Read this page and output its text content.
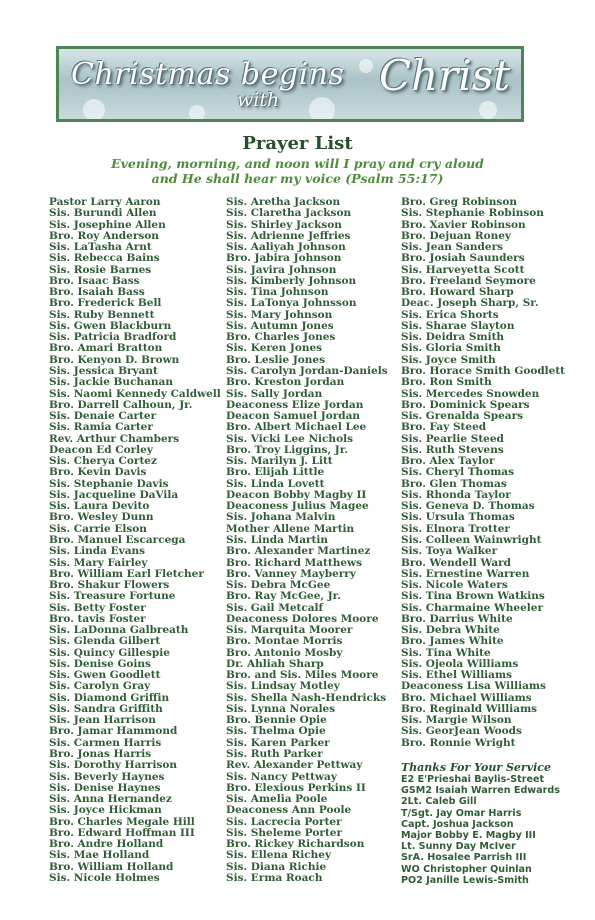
Christmas begins
with Christ
Prayer List
Evening, morning, and noon will I pray and cry aloud
and He shall hear my voice (Psalm 55:17)
Pastor Larry Aaron
Sis. Burundi Allen
Sis. Josephine Allen
Bro. Roy Anderson
Sis. LaTasha Arnt
Sis. Rebecca Bains
Sis. Rosie Barnes
Bro. Isaac Bass
Bro. Isaiah Bass
Bro. Frederick Bell
Sis. Ruby Bennett
Sis. Gwen Blackburn
Sis. Patricia Bradford
Bro. Amari Bratton
Bro. Kenyon D. Brown
Sis. Jessica Bryant
Sis. Jackie Buchanan
Sis. Naomi Kennedy Caldwell
Bro. Darrell Calhoun, Jr.
Sis. Denaie Carter
Sis. Ramia Carter
Rev. Arthur Chambers
Deacon Ed Corley
Sis. Cherya Cortez
Bro. Kevin Davis
Sis. Stephanie Davis
Sis. Jacqueline DaVila
Sis. Laura Devito
Bro. Wesley Dunn
Sis. Carrie Elson
Bro. Manuel Escarcega
Sis. Linda Evans
Sis. Mary Fairley
Bro. William Earl Fletcher
Bro. Shakur Flowers
Sis. Treasure Fortune
Sis. Betty Foster
Bro. tavis Foster
Sis. LaDonna Galbreath
Sis. Glenda Gilbert
Sis. Quincy Gillespie
Sis. Denise Goins
Sis. Gwen Goodlett
Sis. Carolyn Gray
Sis. Diamond Griffin
Sis. Sandra Griffith
Sis. Jean Harrison
Bro. Jamar Hammond
Sis. Carmen Harris
Bro. Jonas Harris
Sis. Dorothy Harrison
Sis. Beverly Haynes
Sis. Denise Haynes
Sis. Anna Hernandez
Sis. Joyce Hickman
Bro. Charles Megale Hill
Bro. Edward Hoffman III
Bro. Andre Holland
Sis. Mae Holland
Bro. William Holland
Sis. Nicole Holmes
Sis. Aretha Jackson
Sis. Claretha Jackson
Sis. Shirley Jackson
Sis. Adrienne Jeffries
Sis. Aaliyah Johnson
Bro. Jabira Johnson
Sis. Javira Johnson
Sis. Kimberly Johnson
Sis. Tina Johnson
Sis. LaTonya Johnsson
Sis. Mary Johnson
Sis. Autumn Jones
Bro. Charles Jones
Sis. Keren Jones
Bro. Leslie Jones
Sis. Carolyn Jordan-Daniels
Bro. Kreston Jordan
Sis. Sally Jordan
Deaconess Elize Jordan
Deacon Samuel Jordan
Bro. Albert Michael Lee
Sis. Vicki Lee Nichols
Bro. Troy Liggins, Jr.
Sis. Marilyn J. Litt
Bro. Elijah Little
Sis. Linda Lovett
Deacon Bobby Magby II
Deaconess Julius Magee
Sis. Johana Malvin
Mother Allene Martin
Sis. Linda Martin
Bro. Alexander Martinez
Bro. Richard Matthews
Bro. Vanney Mayberry
Sis. Debra McGee
Bro. Ray McGee, Jr.
Sis. Gail Metcalf
Deaconess Dolores Moore
Sis. Marquita Moorer
Bro. Montae Morris
Bro. Antonio Mosby
Dr. Ahliah Sharp
Bro. and Sis. Miles Moore
Sis. Lindsay Motley
Sis. Shella Nash-Hendricks
Sis. Lynna Norales
Bro. Bennie Opie
Sis. Thelma Opie
Sis. Karen Parker
Sis. Ruth Parker
Rev. Alexander Pettway
Sis. Nancy Pettway
Bro. Elexious Perkins II
Sis. Amelia Poole
Deaconess Ann Poole
Sis. Lacrecia Porter
Sis. Sheleme Porter
Bro. Rickey Richardson
Sis. Ellena Richey
Sis. Diana Richie
Sis. Erma Roach
Bro. Greg Robinson
Sis. Stephanie Robinson
Bro. Xavier Robinson
Bro. Dejuan Roney
Sis. Jean Sanders
Bro. Josiah Saunders
Sis. Harveyetta Scott
Bro. Freeland Seymore
Bro. Howard Sharp
Deac. Joseph Sharp, Sr.
Sis. Erica Shorts
Sis. Sharae Slayton
Sis. Deidra Smith
Sis. Gloria Smith
Sis. Joyce Smith
Bro. Horace Smith Goodlett
Bro. Ron Smith
Sis. Mercedes Snowden
Bro. Dominick Spears
Sis. Grenalda Spears
Bro. Fay Steed
Sis. Pearlie Steed
Sis. Ruth Stevens
Bro. Alex Taylor
Sis. Cheryl Thomas
Bro. Glen Thomas
Sis. Rhonda Taylor
Sis. Geneva D. Thomas
Sis. Ursula Thomas
Sis. Elnora Trotter
Sis. Colleen Wainwright
Sis. Toya Walker
Bro. Wendell Ward
Sis. Ernestine Warren
Sis. Nicole Waters
Sis. Tina Brown Watkins
Sis. Charmaine Wheeler
Bro. Darrius White
Sis. Debra White
Bro. James White
Sis. Tina White
Sis. Ojeola Williams
Sis. Ethel Williams
Deaconess Lisa Williams
Bro. Michael Williams
Bro. Reginald Williams
Sis. Margie Wilson
Sis. GeorJean Woods
Bro. Ronnie Wright
Thanks For Your Service
E2 E'Prieshai Baylis-Street
GSM2 Isaiah Warren Edwards
2Lt. Caleb Gill
T/Sgt. Jay Omar Harris
Capt. Joshua Jackson
Major Bobby E. Magby III
Lt. Sunny Day McIver
SrA. Hosalee Parrish III
WO Christopher Quinlan
PO2 Janille Lewis-Smith
